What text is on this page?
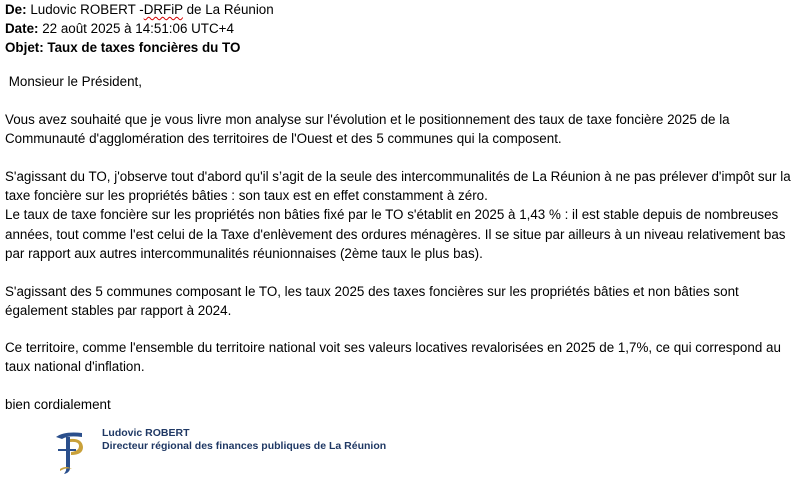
De: Ludovic ROBERT -DRFiP de La Réunion
Date: 22 août 2025 à 14:51:06 UTC+4
Objet: Taux de taxes foncières du TO
Monsieur le Président,

Vous avez souhaité que je vous livre mon analyse sur l'évolution et le positionnement des taux de taxe foncière 2025 de la Communauté d'agglomération des territoires de l'Ouest et des 5 communes qui la composent.

S'agissant du TO, j'observe tout d'abord qu'il s’agit de la seule des intercommunalités de La Réunion à ne pas prélever d'impôt sur la taxe foncière sur les propriétés bâties : son taux est en effet constamment à zéro.

Le taux de taxe foncière sur les propriétés non bâties fixé par le TO s'établit en 2025 à 1,43 % : il est stable depuis de nombreuses années, tout comme l'est celui de la Taxe d'enlèvement des ordures ménagères. Il se situe par ailleurs à un niveau relativement bas par rapport aux autres intercommunalités réunionnaises (2ème taux le plus bas).

S'agissant des 5 communes composant le TO, les taux 2025 des taxes foncières sur les propriétés bâties et non bâties sont également stables par rapport à 2024.

Ce territoire, comme l'ensemble du territoire national voit ses valeurs locatives revalorisées en 2025 de 1,7%, ce qui correspond au taux national d'inflation.

bien cordialement
Ludovic ROBERT
Directeur régional des finances publiques de La Réunion
